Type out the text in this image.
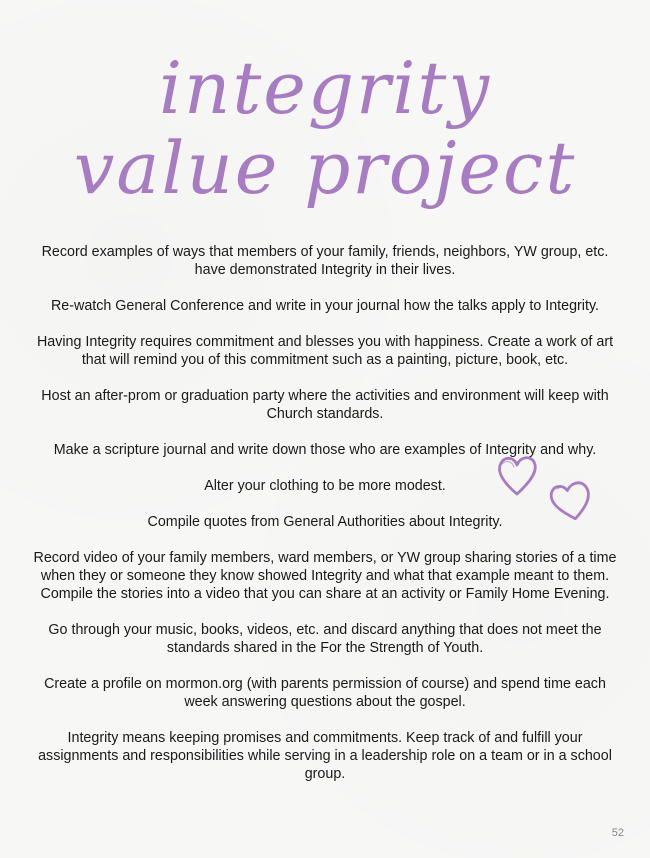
integrity
value project

Record examples of ways that members of your family, friends, neighbors, YW group, etc. have demonstrated Integrity in their lives.

Re-watch General Conference and write in your journal how the talks apply to Integrity.

Having Integrity requires commitment and blesses you with happiness. Create a work of art that will remind you of this commitment such as a painting, picture, book, etc.

Host an after-prom or graduation party where the activities and environment will keep with Church standards.

Make a scripture journal and write down those who are examples of Integrity and why.

Alter your clothing to be more modest.

Compile quotes from General Authorities about Integrity.

Record video of your family members, ward members, or YW group sharing stories of a time when they or someone they know showed Integrity and what that example meant to them. Compile the stories into a video that you can share at an activity or Family Home Evening.

Go through your music, books, videos, etc. and discard anything that does not meet the standards shared in the For the Strength of Youth.

Create a profile on mormon.org (with parents permission of course) and spend time each week answering questions about the gospel.

Integrity means keeping promises and commitments. Keep track of and fulfill your assignments and responsibilities while serving in a leadership role on a team or in a school group.

52
